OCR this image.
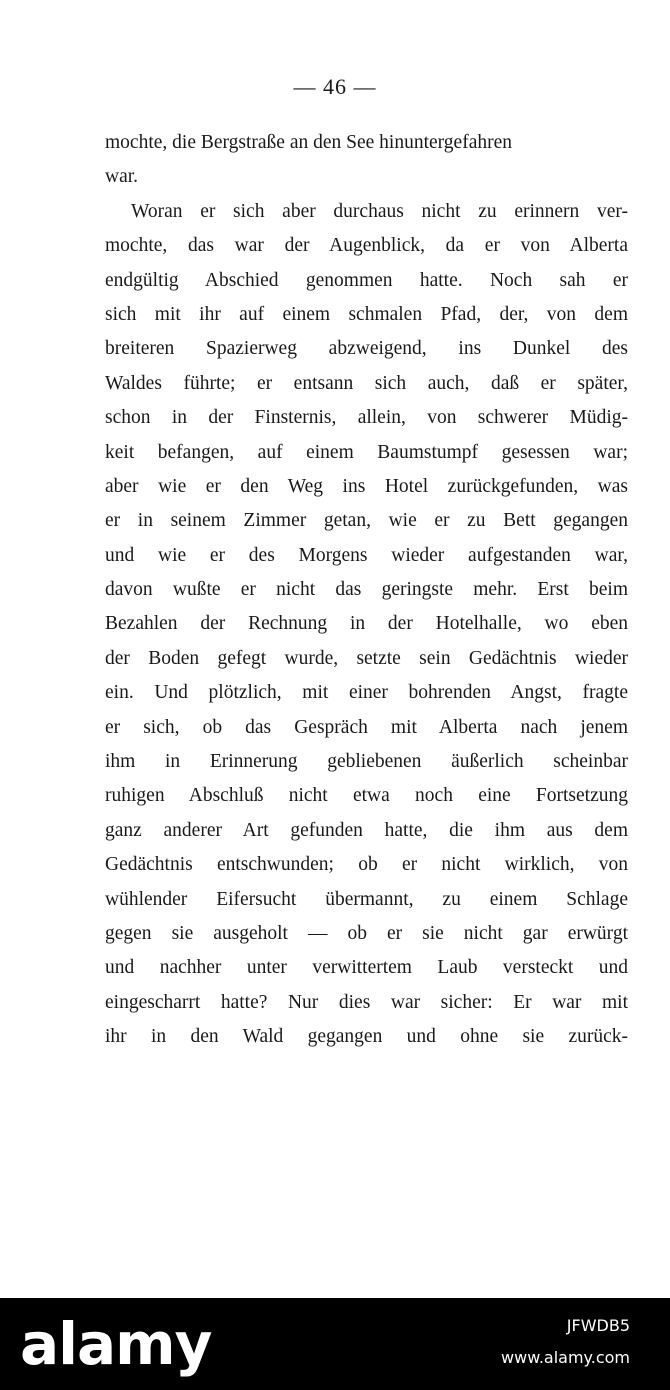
— 46 —
mochte, die Bergstraße an den See hinuntergefahren
war.
Woran er sich aber durchaus nicht zu erinnern ver-
mochte, das war der Augenblick, da er von Alberta
endgültig Abschied genommen hatte. Noch sah er
sich mit ihr auf einem schmalen Pfad, der, von dem
breiteren Spazierweg abzweigend, ins Dunkel des
Waldes führte; er entsann sich auch, daß er später,
schon in der Finsternis, allein, von schwerer Müdig-
keit befangen, auf einem Baumstumpf gesessen war;
aber wie er den Weg ins Hotel zurückgefunden, was
er in seinem Zimmer getan, wie er zu Bett gegangen
und wie er des Morgens wieder aufgestanden war,
davon wußte er nicht das geringste mehr. Erst beim
Bezahlen der Rechnung in der Hotelhalle, wo eben
der Boden gefegt wurde, setzte sein Gedächtnis wieder
ein. Und plötzlich, mit einer bohrenden Angst, fragte
er sich, ob das Gespräch mit Alberta nach jenem
ihm in Erinnerung gebliebenen äußerlich scheinbar
ruhigen Abschluß nicht etwa noch eine Fortsetzung
ganz anderer Art gefunden hatte, die ihm aus dem
Gedächtnis entschwunden; ob er nicht wirklich, von
wühlender Eifersucht übermannt, zu einem Schlage
gegen sie ausgeholt — ob er sie nicht gar erwürgt
und nachher unter verwittertem Laub versteckt und
eingescharrt hatte? Nur dies war sicher: Er war mit
ihr in den Wald gegangen und ohne sie zurück-
alamy	JFWDB5
www.alamy.com
